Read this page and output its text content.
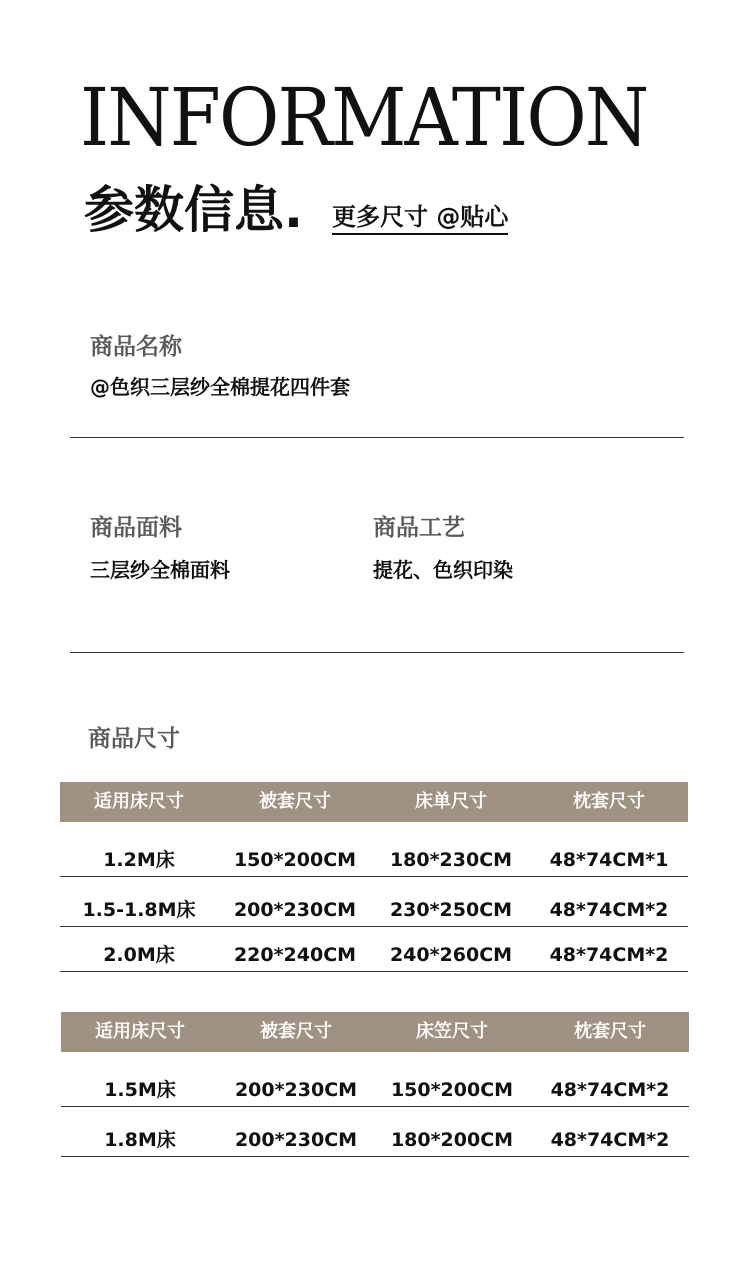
INFORMATION
参数信息. 更多尺寸 @贴心
商品名称
@色织三层纱全棉提花四件套
商品面料
三层纱全棉面料
商品工艺
提花、色织印染
商品尺寸
适用床尺寸	被套尺寸	床单尺寸	枕套尺寸
1.2M床	150*200CM	180*230CM	48*74CM*1
1.5-1.8M床	200*230CM	230*250CM	48*74CM*2
2.0M床	220*240CM	240*260CM	48*74CM*2
适用床尺寸	被套尺寸	床笠尺寸	枕套尺寸
1.5M床	200*230CM	150*200CM	48*74CM*2
1.8M床	200*230CM	180*200CM	48*74CM*2
